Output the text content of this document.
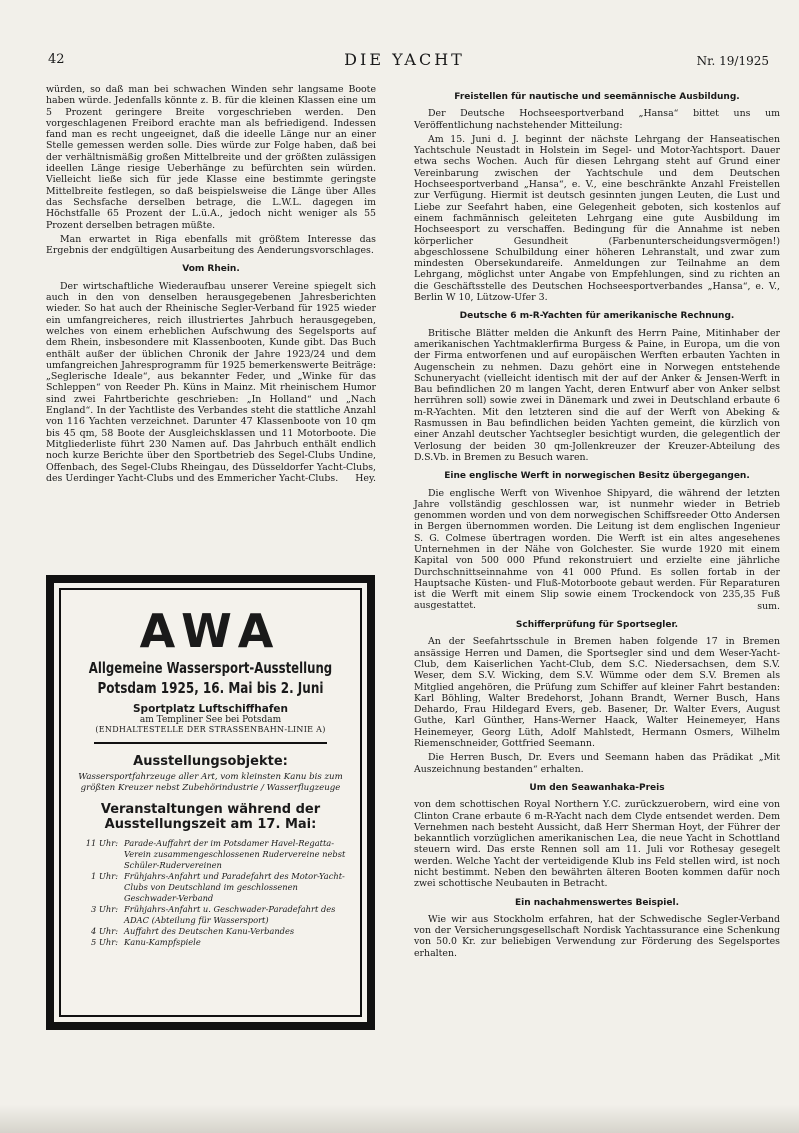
42	DIE YACHT	Nr. 19/1925

würden, so daß man bei schwachen Winden sehr langsame Boote haben würde. Jedenfalls könnte z. B. für die kleinen Klassen eine um 5 Prozent geringere Breite vorgeschrieben werden. Den vorgeschlagenen Freibord erachte man als befriedigend. Indessen fand man es recht ungeeignet, daß die ideelle Länge nur an einer Stelle gemessen werden solle. Dies würde zur Folge haben, daß bei der verhältnismäßig großen Mittelbreite und der größten zulässigen ideellen Länge riesige Ueberhänge zu befürchten sein würden. Vielleicht ließe sich für jede Klasse eine bestimmte geringste Mittelbreite festlegen, so daß beispielsweise die Länge über Alles das Sechsfache derselben betrage, die L.W.L. dagegen im Höchstfalle 65 Prozent der L.ü.A., jedoch nicht weniger als 55 Prozent derselben betragen müßte.

Man erwartet in Riga ebenfalls mit größtem Interesse das Ergebnis der endgültigen Ausarbeitung des Aenderungsvorschlages.

Vom Rhein.

Der wirtschaftliche Wiederaufbau unserer Vereine spiegelt sich auch in den von denselben herausgegebenen Jahresberichten wieder. So hat auch der Rheinische Segler-Verband für 1925 wieder ein umfangreicheres, reich illustriertes Jahrbuch herausgegeben, welches von einem erheblichen Aufschwung des Segelsports auf dem Rhein, insbesondere mit Klassenbooten, Kunde gibt. Das Buch enthält außer der üblichen Chronik der Jahre 1923/24 und dem umfangreichen Jahresprogramm für 1925 bemerkenswerte Beiträge: „Seglerische Ideale“, aus bekannter Feder, und „Winke für das Schleppen“ von Reeder Ph. Küns in Mainz. Mit rheinischem Humor sind zwei Fahrtberichte geschrieben: „In Holland“ und „Nach England“. In der Yachtliste des Verbandes steht die stattliche Anzahl von 116 Yachten verzeichnet. Darunter 47 Klassenboote von 10 qm bis 45 qm, 58 Boote der Ausgleichsklassen und 11 Motorboote. Die Mitgliederliste führt 230 Namen auf. Das Jahrbuch enthält endlich noch kurze Berichte über den Sportbetrieb des Segel-Clubs Undine, Offenbach, des Segel-Clubs Rheingau, des Düsseldorfer Yacht-Clubs, des Uerdinger Yacht-Clubs und des Emmericher Yacht-Clubs.	Hey.
AWA
Allgemeine Wassersport-Ausstellung
Potsdam 1925, 16. Mai bis 2. Juni
Sportplatz Luftschiffhafen
am Templiner See bei Potsdam
(ENDHALTESTELLE DER STRASSENBAHN-LINIE A)
Ausstellungsobjekte:
Wassersportfahrzeuge aller Art, vom kleinsten Kanu bis zum größten Kreuzer nebst Zubehörindustrie / Wasserflugzeuge
Veranstaltungen während der
Ausstellungszeit am 17. Mai:
11 Uhr: Parade-Auffahrt der im Potsdamer Havel-Regatta-Verein zusammengeschlossenen Rudervereine nebst Schüler-Rudervereinen
1 Uhr: Frühjahrs-Anfahrt und Paradefahrt des Motor-Yacht-Clubs von Deutschland im geschlossenen Geschwader-Verband
3 Uhr: Frühjahrs-Anfahrt u. Geschwader-Paradefahrt des ADAC (Abteilung für Wassersport)
4 Uhr: Auffahrt des Deutschen Kanu-Verbandes
5 Uhr: Kanu-Kampfspiele
Freistellen für nautische und seemännische Ausbildung.

Der Deutsche Hochseesportverband „Hansa“ bittet uns um Veröffentlichung nachstehender Mitteilung:

Am 15. Juni d. J. beginnt der nächste Lehrgang der Hanseatischen Yachtschule Neustadt in Holstein im Segel- und Motor-Yachtsport. Dauer etwa sechs Wochen. Auch für diesen Lehrgang steht auf Grund einer Vereinbarung zwischen der Yachtschule und dem Deutschen Hochseesportverband „Hansa“, e. V., eine beschränkte Anzahl Freistellen zur Verfügung. Hiermit ist deutsch gesinnten jungen Leuten, die Lust und Liebe zur Seefahrt haben, eine Gelegenheit geboten, sich kostenlos auf einem fachmännisch geleiteten Lehrgang eine gute Ausbildung im Hochseesport zu verschaffen. Bedingung für die Annahme ist neben körperlicher Gesundheit (Farbenunterscheidungsvermögen!) abgeschlossene Schulbildung einer höheren Lehranstalt, und zwar zum mindesten Obersekundareife. Anmeldungen zur Teilnahme an dem Lehrgang, möglichst unter Angabe von Empfehlungen, sind zu richten an die Geschäftsstelle des Deutschen Hochseesportverbandes „Hansa“, e. V., Berlin W 10, Lützow-Ufer 3.

Deutsche 6 m-R-Yachten für amerikanische Rechnung.

Britische Blätter melden die Ankunft des Herrn Paine, Mitinhaber der amerikanischen Yachtmaklerfirma Burgess & Paine, in Europa, um die von der Firma entworfenen und auf europäischen Werften erbauten Yachten in Augenschein zu nehmen. Dazu gehört eine in Norwegen entstehende Schuneryacht (vielleicht identisch mit der auf der Anker & Jensen-Werft in Bau befindlichen 20 m langen Yacht, deren Entwurf aber von Anker selbst herrühren soll) sowie zwei in Dänemark und zwei in Deutschland erbaute 6 m-R-Yachten. Mit den letzteren sind die auf der Werft von Abeking & Rasmussen in Bau befindlichen beiden Yachten gemeint, die kürzlich von einer Anzahl deutscher Yachtsegler besichtigt wurden, die gelegentlich der Verlosung der beiden 30 qm-Jollenkreuzer der Kreuzer-Abteilung des D.S.Vb. in Bremen zu Besuch waren.

Eine englische Werft in norwegischen Besitz übergegangen.

Die englische Werft von Wivenhoe Shipyard, die während der letzten Jahre vollständig geschlossen war, ist nunmehr wieder in Betrieb genommen worden und von dem norwegischen Schiffsreeder Otto Andersen in Bergen übernommen worden. Die Leitung ist dem englischen Ingenieur S. G. Colmese übertragen worden. Die Werft ist ein altes angesehenes Unternehmen in der Nähe von Golchester. Sie wurde 1920 mit einem Kapital von 500 000 Pfund rekonstruiert und erzielte eine jährliche Durchschnittseinnahme von 41 000 Pfund. Es sollen fortab in der Hauptsache Küsten- und Fluß-Motorboote gebaut werden. Für Reparaturen ist die Werft mit einem Slip sowie einem Trockendock von 235,35 Fuß ausgestattet.	sum.
Schifferprüfung für Sportsegler.

An der Seefahrtsschule in Bremen haben folgende 17 in Bremen ansässige Herren und Damen, die Sportsegler sind und dem Weser-Yacht-Club, dem Kaiserlichen Yacht-Club, dem S.C. Niedersachsen, dem S.V. Weser, dem S.V. Wicking, dem S.V. Wümme oder dem S.V. Bremen als Mitglied angehören, die Prüfung zum Schiffer auf kleiner Fahrt bestanden: Karl Böhling, Walter Bredehorst, Johann Brandt, Werner Busch, Hans Dehardo, Frau Hildegard Evers, geb. Basener, Dr. Walter Evers, August Guthe, Karl Günther, Hans-Werner Haack, Walter Heinemeyer, Hans Heinemeyer, Georg Lüth, Adolf Mahlstedt, Hermann Osmers, Wilhelm Riemenschneider, Gottfried Seemann.

Die Herren Busch, Dr. Evers und Seemann haben das Prädikat „Mit Auszeichnung bestanden“ erhalten.

Um den Seawanhaka-Preis

von dem schottischen Royal Northern Y.C. zurückzuerobern, wird eine von Clinton Crane erbaute 6 m-R-Yacht nach dem Clyde entsendet werden. Dem Vernehmen nach besteht Aussicht, daß Herr Sherman Hoyt, der Führer der bekanntlich vorzüglichen amerikanischen Lea, die neue Yacht in Schottland steuern wird. Das erste Rennen soll am 11. Juli vor Rothesay gesegelt werden. Welche Yacht der verteidigende Klub ins Feld stellen wird, ist noch nicht bestimmt. Neben den bewährten älteren Booten kommen dafür noch zwei schottische Neubauten in Betracht.

Ein nachahmenswertes Beispiel.

Wie wir aus Stockholm erfahren, hat der Schwedische Segler-Verband von der Versicherungsgesellschaft Nordisk Yachtassurance eine Schenkung von 50.0 Kr. zur beliebigen Verwendung zur Förderung des Segelsportes erhalten.
